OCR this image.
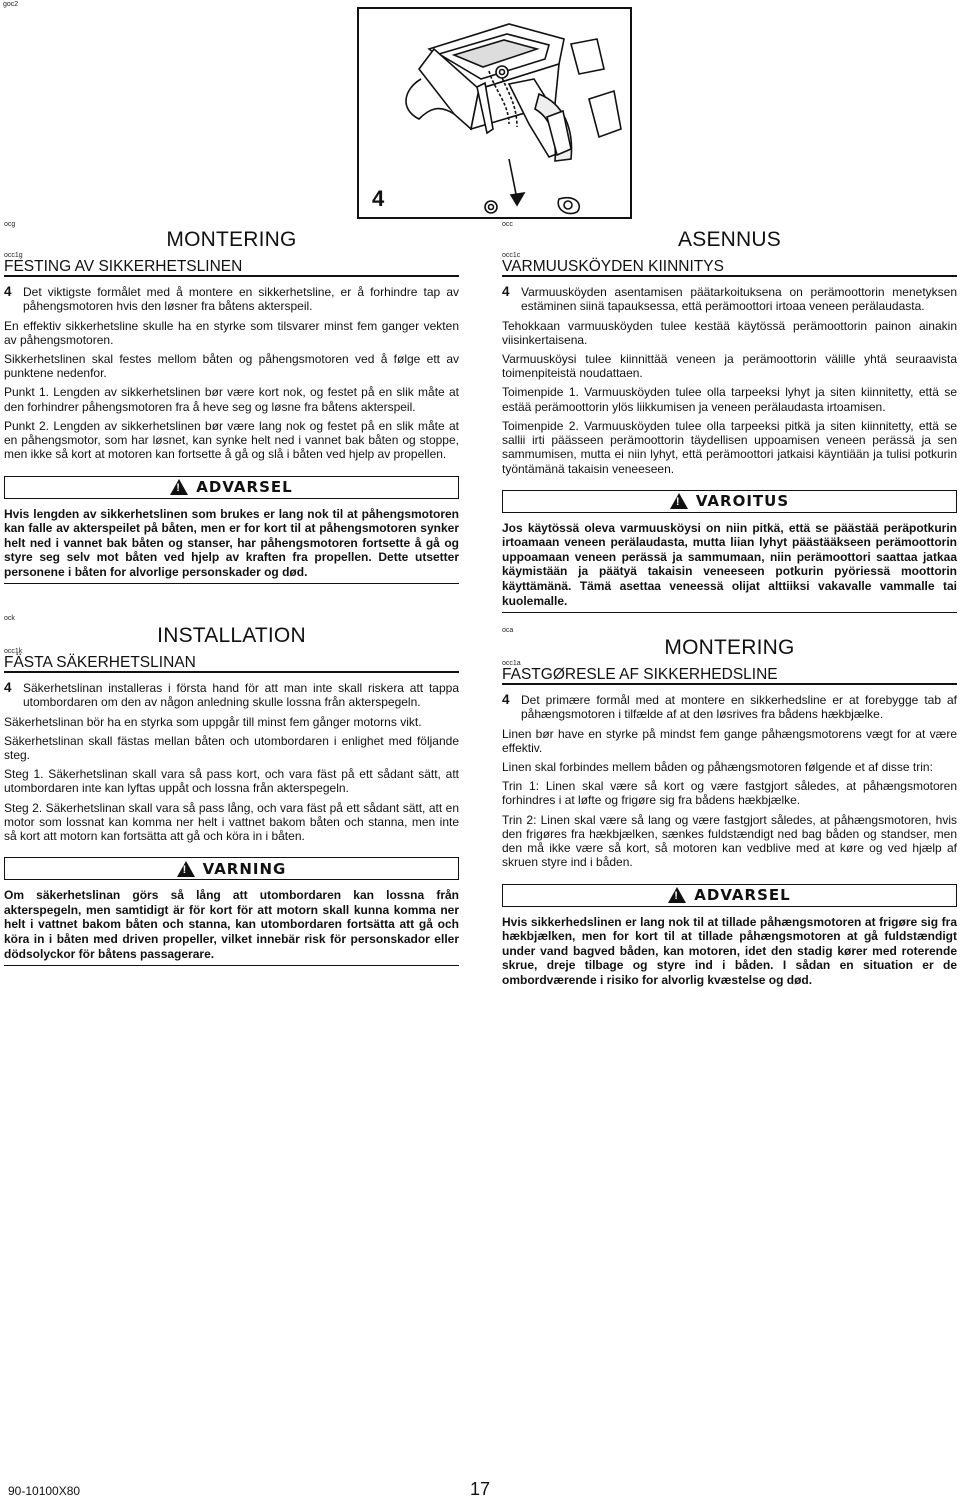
goc2
4
ocg
MONTERING
occ1g
FESTING AV SIKKERHETSLINEN
4 Det viktigste formålet med å montere en sikkerhetsline, er å forhindre tap av påhengsmotoren hvis den løsner fra båtens akterspeil.

En effektiv sikkerhetsline skulle ha en styrke som tilsvarer minst fem ganger vekten av påhengsmotoren.

Sikkerhetslinen skal festes mellom båten og påhengsmotoren ved å følge ett av punktene nedenfor.

Punkt 1. Lengden av sikkerhetslinen bør være kort nok, og festet på en slik måte at den forhindrer påhengsmotoren fra å heve seg og løsne fra båtens akterspeil.

Punkt 2. Lengden av sikkerhetslinen bør være lang nok og festet på en slik måte at en påhengsmotor, som har løsnet, kan synke helt ned i vannet bak båten og stoppe, men ikke så kort at motoren kan fortsette å gå og slå i båten ved hjelp av propellen.

! ADVARSEL

Hvis lengden av sikkerhetslinen som brukes er lang nok til at påhengsmotoren kan falle av akterspeilet på båten, men er for kort til at påhengsmotoren synker helt ned i vannet bak båten og stanser, har påhengsmotoren fortsette å gå og styre seg selv mot båten ved hjelp av kraften fra propellen. Dette utsetter personene i båten for alvorlige personskader og død.

ock
INSTALLATION
occ1k
FÄSTA SÄKERHETSLINAN
4 Säkerhetslinan installeras i första hand för att man inte skall riskera att tappa utombordaren om den av någon anledning skulle lossna från akterspegeln.

Säkerhetslinan bör ha en styrka som uppgår till minst fem gånger motorns vikt.

Säkerhetslinan skall fästas mellan båten och utombordaren i enlighet med följande steg.

Steg 1. Säkerhetslinan skall vara så pass kort, och vara fäst på ett sådant sätt, att utombordaren inte kan lyftas uppåt och lossna från akterspegeln.

Steg 2. Säkerhetslinan skall vara så pass lång, och vara fäst på ett sådant sätt, att en motor som lossnat kan komma ner helt i vattnet bakom båten och stanna, men inte så kort att motorn kan fortsätta att gå och köra in i båten.

! VARNING

Om säkerhetslinan görs så lång att utombordaren kan lossna från akterspegeln, men samtidigt är för kort för att motorn skall kunna komma ner helt i vattnet bakom båten och stanna, kan utombordaren fortsätta att gå och köra in i båten med driven propeller, vilket innebär risk för personskador eller dödsolyckor för båtens passagerare.

occ
ASENNUS
occ1c
VARMUUSKÖYDEN KIINNITYS
4 Varmuusköyden asentamisen päätarkoituksena on perämoottorin menetyksen estäminen siinä tapauksessa, että perämoottori irtoaa veneen perälaudasta.

Tehokkaan varmuusköyden tulee kestää käytössä perämoottorin painon ainakin viisinkertaisena.

Varmuusköysi tulee kiinnittää veneen ja perämoottorin välille yhtä seuraavista toimenpiteistä noudattaen.

Toimenpide 1. Varmuusköyden tulee olla tarpeeksi lyhyt ja siten kiinnitetty, että se estää perämoottorin ylös liikkumisen ja veneen perälaudasta irtoamisen.

Toimenpide 2. Varmuusköyden tulee olla tarpeeksi pitkä ja siten kiinnitetty, että se sallii irti päässeen perämoottorin täydellisen uppoamisen veneen perässä ja sen sammumisen, mutta ei niin lyhyt, että perämoottori jatkaisi käyntiään ja tulisi potkurin työntämänä takaisin veneeseen.

! VAROITUS

Jos käytössä oleva varmuusköysi on niin pitkä, että se päästää peräpotkurin irtoamaan veneen perälaudasta, mutta liian lyhyt päästääkseen perämoottorin uppoamaan veneen perässä ja sammumaan, niin perämoottori saattaa jatkaa käymistään ja päätyä takaisin veneeseen potkurin pyöriessä moottorin käyttämänä. Tämä asettaa veneessä olijat alttiiksi vakavalle vammalle tai kuolemalle.

oca
MONTERING
occ1a
FASTGØRESLE AF SIKKERHEDSLINE
4 Det primære formål med at montere en sikkerhedsline er at forebygge tab af påhængsmotoren i tilfælde af at den løsrives fra bådens hækbjælke.

Linen bør have en styrke på mindst fem gange påhængsmotorens vægt for at være effektiv.

Linen skal forbindes mellem båden og påhængsmotoren følgende et af disse trin:

Trin 1: Linen skal være så kort og være fastgjort således, at påhængsmotoren forhindres i at løfte og frigøre sig fra bådens hækbjælke.

Trin 2: Linen skal være så lang og være fastgjort således, at påhængsmotoren, hvis den frigøres fra hækbjælken, sænkes fuldstændigt ned bag båden og standser, men den må ikke være så kort, så motoren kan vedblive med at køre og ved hjælp af skruen styre ind i båden.

! ADVARSEL

Hvis sikkerhedslinen er lang nok til at tillade påhængsmotoren at frigøre sig fra hækbjælken, men for kort til at tillade påhængsmotoren at gå fuldstændigt under vand bagved båden, kan motoren, idet den stadig kører med roterende skrue, dreje tilbage og styre ind i båden. I sådan en situation er de ombordværende i risiko for alvorlig kvæstelse og død.

90-10100X80	17
